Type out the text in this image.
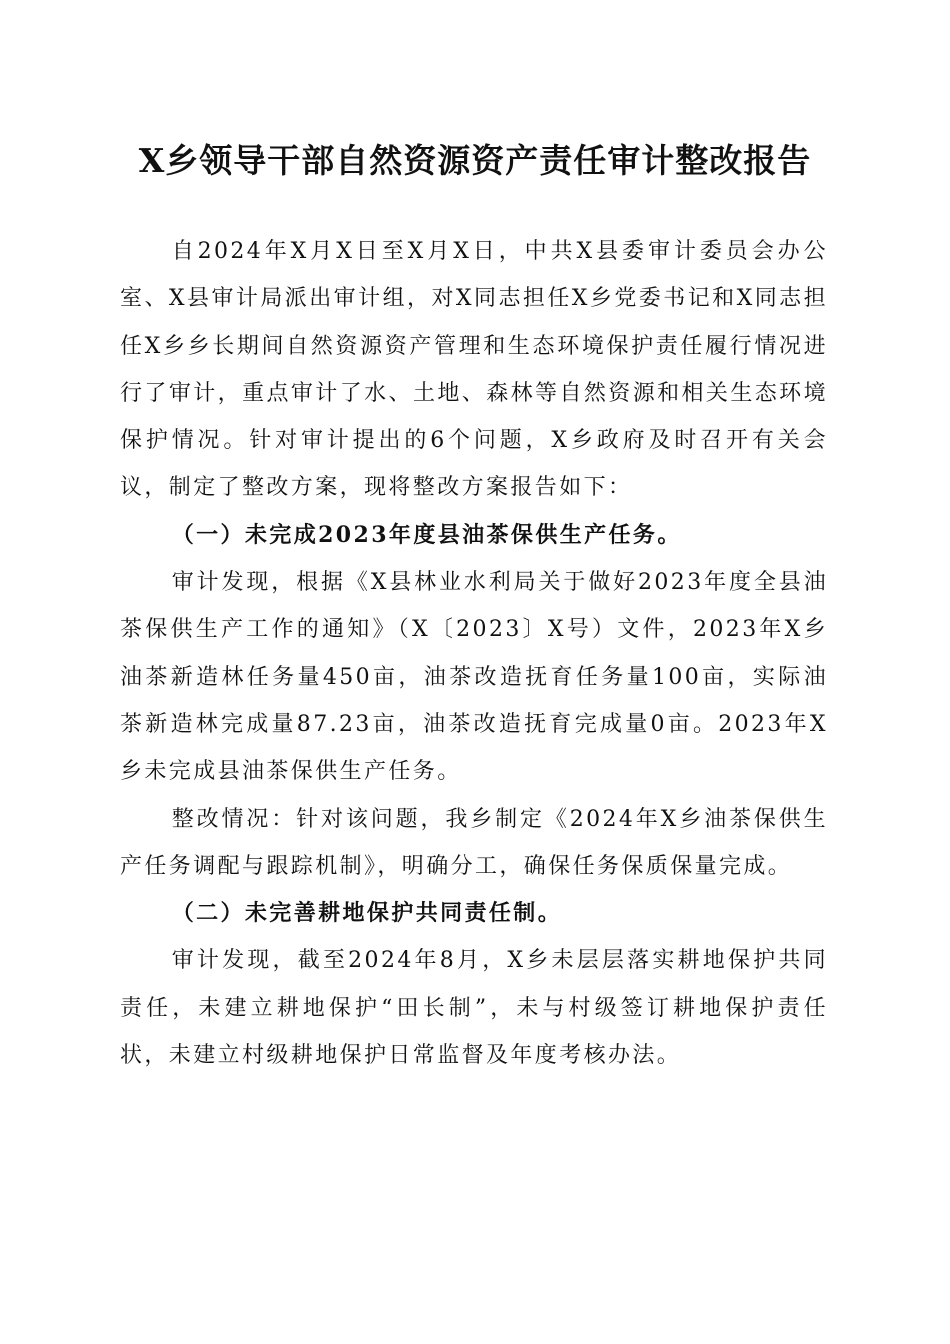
X乡领导干部自然资源资产责任审计整改报告

自2024年X月X日至X月X日，中共X县委审计委员会办公室、X县审计局派出审计组，对X同志担任X乡党委书记和X同志担任X乡乡长期间自然资源资产管理和生态环境保护责任履行情况进行了审计，重点审计了水、土地、森林等自然资源和相关生态环境保护情况。针对审计提出的6个问题，X乡政府及时召开有关会议，制定了整改方案，现将整改方案报告如下：

（一）未完成2023年度县油茶保供生产任务。

审计发现，根据《X县林业水利局关于做好2023年度全县油茶保供生产工作的通知》（X〔2023〕X号）文件，2023年X乡油茶新造林任务量450亩，油茶改造抚育任务量100亩，实际油茶新造林完成量87.23亩，油茶改造抚育完成量0亩。2023年X乡未完成县油茶保供生产任务。

整改情况：针对该问题，我乡制定《2024年X乡油茶保供生产任务调配与跟踪机制》，明确分工，确保任务保质保量完成。

（二）未完善耕地保护共同责任制。

审计发现，截至2024年8月，X乡未层层落实耕地保护共同责任，未建立耕地保护“田长制”，未与村级签订耕地保护责任状，未建立村级耕地保护日常监督及年度考核办法。
